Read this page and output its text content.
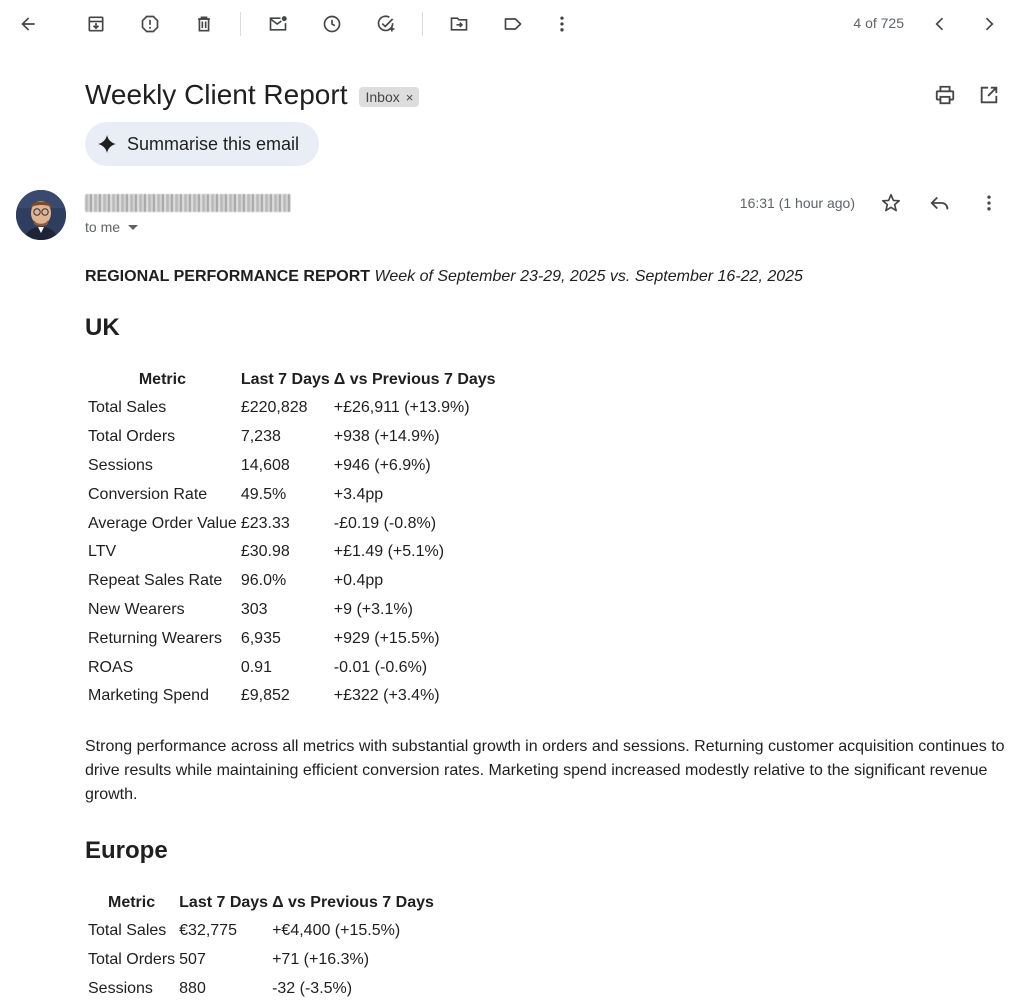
4 of 725
Weekly Client Report Inbox ×
Summarise this email
to me
16:31 (1 hour ago)

REGIONAL PERFORMANCE REPORT Week of September 23-29, 2025 vs. September 16-22, 2025

UK
Metric	Last 7 Days	Δ vs Previous 7 Days
Total Sales	£220,828	+£26,911 (+13.9%)
Total Orders	7,238	+938 (+14.9%)
Sessions	14,608	+946 (+6.9%)
Conversion Rate	49.5%	+3.4pp
Average Order Value	£23.33	-£0.19 (-0.8%)
LTV	£30.98	+£1.49 (+5.1%)
Repeat Sales Rate	96.0%	+0.4pp
New Wearers	303	+9 (+3.1%)
Returning Wearers	6,935	+929 (+15.5%)
ROAS	0.91	-0.01 (-0.6%)
Marketing Spend	£9,852	+£322 (+3.4%)

Strong performance across all metrics with substantial growth in orders and sessions. Returning customer acquisition continues to drive results while maintaining efficient conversion rates. Marketing spend increased modestly relative to the significant revenue growth.

Europe
Metric	Last 7 Days	Δ vs Previous 7 Days
Total Sales	€32,775	+€4,400 (+15.5%)
Total Orders	507	+71 (+16.3%)
Sessions	880	-32 (-3.5%)
